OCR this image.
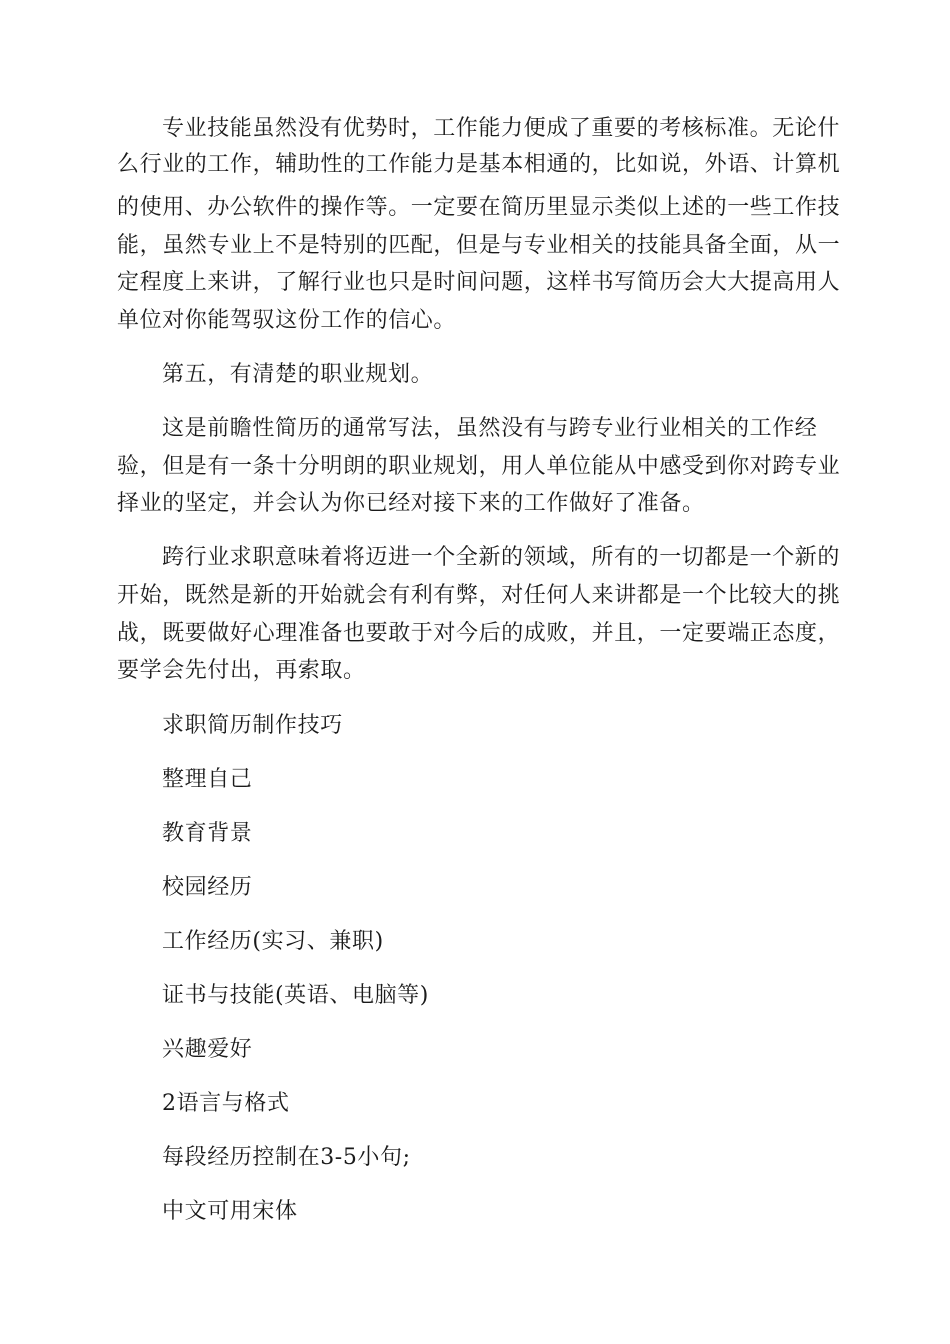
专业技能虽然没有优势时，工作能力便成了重要的考核标准。无论什
么行业的工作，辅助性的工作能力是基本相通的，比如说，外语、计算机
的使用、办公软件的操作等。一定要在简历里显示类似上述的一些工作技
能，虽然专业上不是特别的匹配，但是与专业相关的技能具备全面，从一
定程度上来讲，了解行业也只是时间问题，这样书写简历会大大提高用人
单位对你能驾驭这份工作的信心。
第五，有清楚的职业规划。
这是前瞻性简历的通常写法，虽然没有与跨专业行业相关的工作经
验，但是有一条十分明朗的职业规划，用人单位能从中感受到你对跨专业
择业的坚定，并会认为你已经对接下来的工作做好了准备。
跨行业求职意味着将迈进一个全新的领域，所有的一切都是一个新的
开始，既然是新的开始就会有利有弊，对任何人来讲都是一个比较大的挑
战，既要做好心理准备也要敢于对今后的成败，并且，一定要端正态度，
要学会先付出，再索取。
求职简历制作技巧
整理自己
教育背景
校园经历
工作经历(实习、兼职)
证书与技能(英语、电脑等)
兴趣爱好
2语言与格式
每段经历控制在3-5小句;
中文可用宋体
